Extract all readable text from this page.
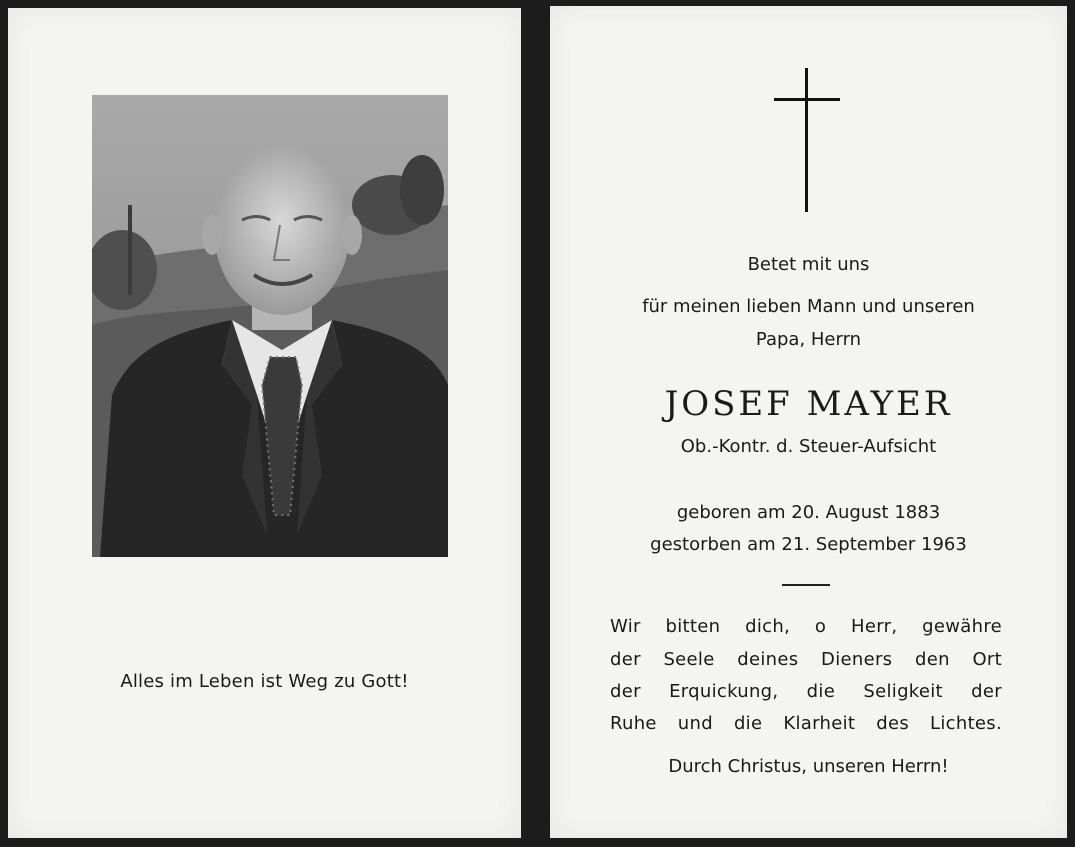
Alles im Leben ist Weg zu Gott!
Betet mit uns
für meinen lieben Mann und unseren
Papa, Herrn
JOSEF MAYER
Ob.-Kontr. d. Steuer-Aufsicht
geboren am 20. August 1883
gestorben am 21. September 1963
Wir bitten dich, o Herr, gewähre
der Seele deines Dieners den Ort
der Erquickung, die Seligkeit der
Ruhe und die Klarheit des Lichtes.
Durch Christus, unseren Herrn!
